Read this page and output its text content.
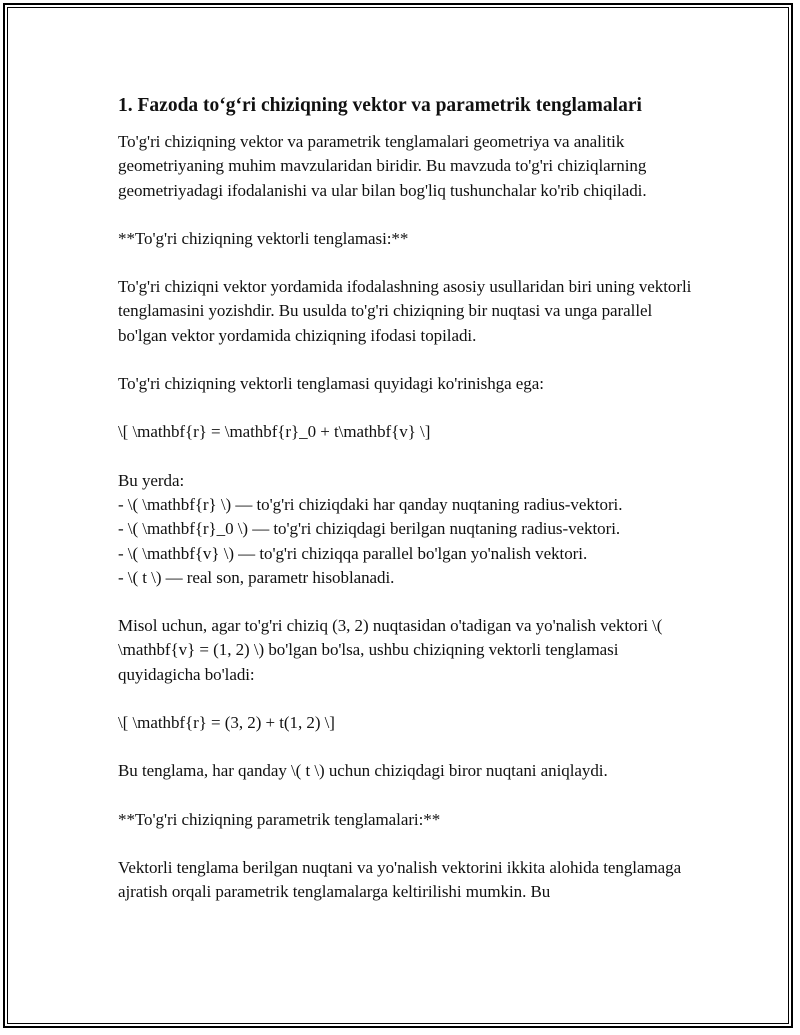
1. Fazoda to‘g‘ri chiziqning vektor va parametrik tenglamalari

To'g'ri chiziqning vektor va parametrik tenglamalari geometriya va analitik geometriyaning muhim mavzularidan biridir. Bu mavzuda to'g'ri chiziqlarning geometriyadagi ifodalanishi va ular bilan bog'liq tushunchalar ko'rib chiqiladi.

**To'g'ri chiziqning vektorli tenglamasi:**

To'g'ri chiziqni vektor yordamida ifodalashning asosiy usullaridan biri uning vektorli tenglamasini yozishdir. Bu usulda to'g'ri chiziqning bir nuqtasi va unga parallel bo'lgan vektor yordamida chiziqning ifodasi topiladi.

To'g'ri chiziqning vektorli tenglamasi quyidagi ko'rinishga ega:

\[ \mathbf{r} = \mathbf{r}_0 + t\mathbf{v} \]

Bu yerda:
- \( \mathbf{r} \) — to'g'ri chiziqdaki har qanday nuqtaning radius-vektori.
- \( \mathbf{r}_0 \) — to'g'ri chiziqdagi berilgan nuqtaning radius-vektori.
- \( \mathbf{v} \) — to'g'ri chiziqqa parallel bo'lgan yo'nalish vektori.
- \( t \) — real son, parametr hisoblanadi.

Misol uchun, agar to'g'ri chiziq (3, 2) nuqtasidan o'tadigan va yo'nalish vektori \( \mathbf{v} = (1, 2) \) bo'lgan bo'lsa, ushbu chiziqning vektorli tenglamasi quyidagicha bo'ladi:

\[ \mathbf{r} = (3, 2) + t(1, 2) \]

Bu tenglama, har qanday \( t \) uchun chiziqdagi biror nuqtani aniqlaydi.

**To'g'ri chiziqning parametrik tenglamalari:**

Vektorli tenglama berilgan nuqtani va yo'nalish vektorini ikkita alohida tenglamaga ajratish orqali parametrik tenglamalarga keltirilishi mumkin. Bu
